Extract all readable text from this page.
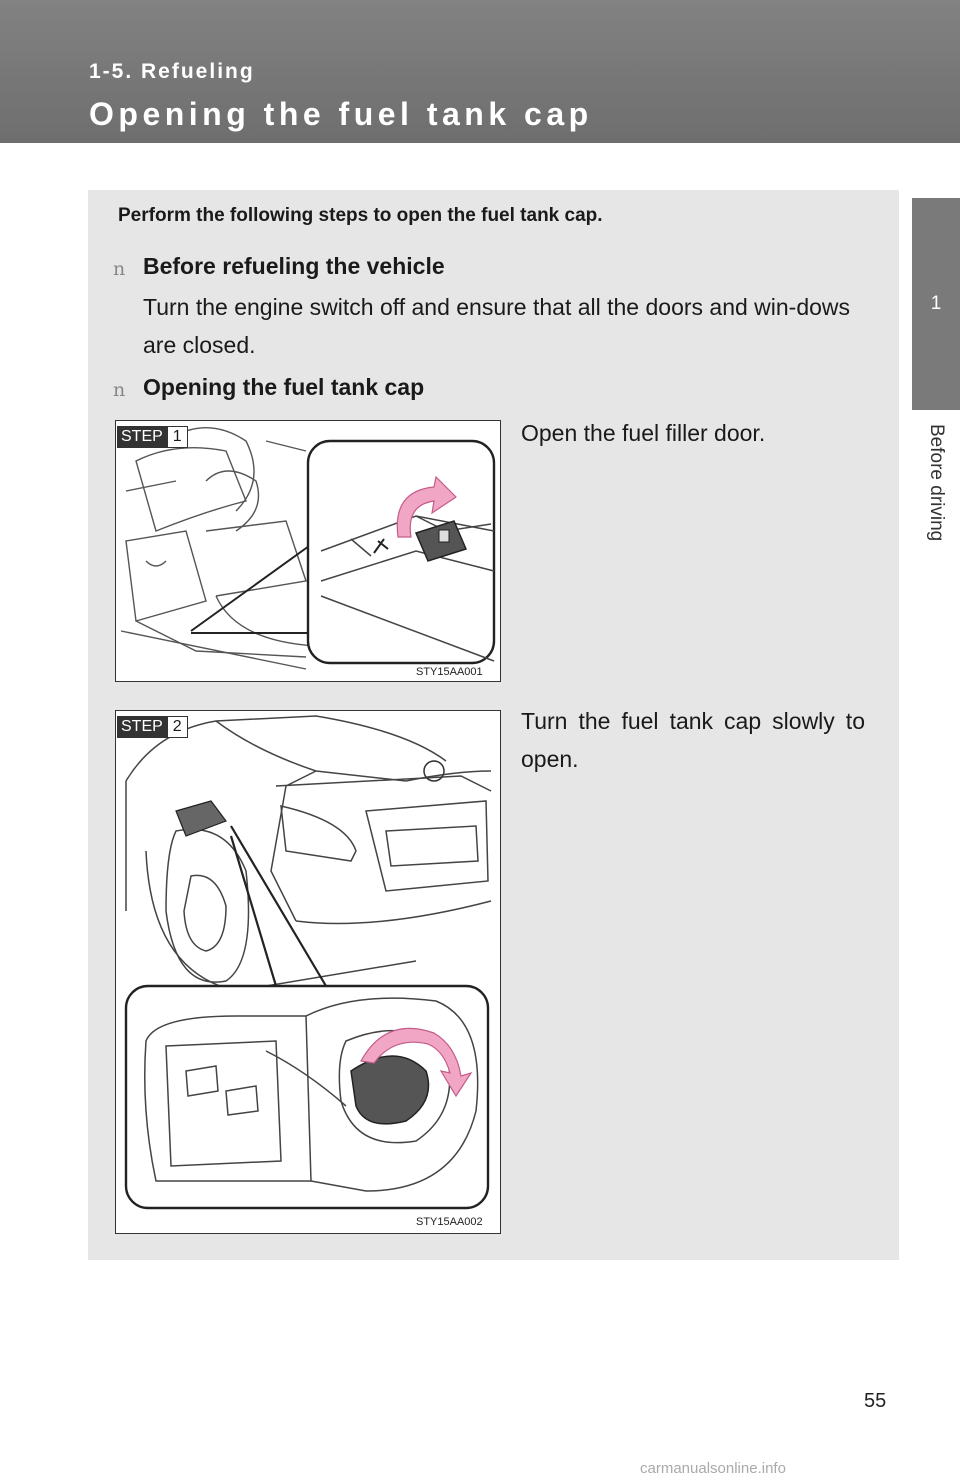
1-5. Refueling
Opening the fuel tank cap
1
Before driving
Perform the following steps to open the fuel tank cap.
n Before refueling the vehicle
Turn the engine switch off and ensure that all the doors and win-dows are closed.
n Opening the fuel tank cap
STY15AA001
STEP 1	Open the fuel filler door.
STY15AA002
STEP 2	Turn the fuel tank cap slowly to open.
55
carmanualsonline.info
